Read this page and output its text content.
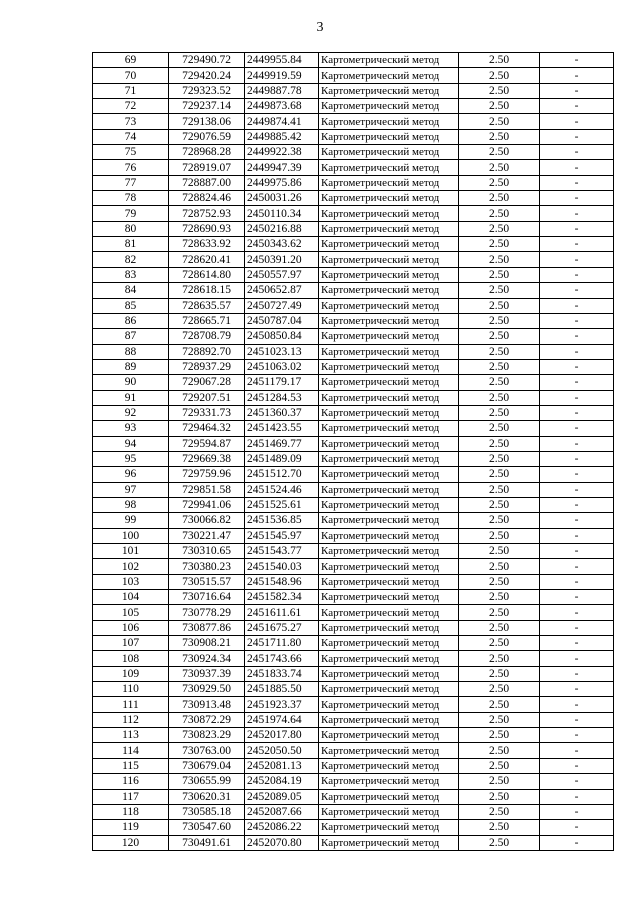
3
69	729490.72	2449955.84	Картометрический метод	2.50	-
70	729420.24	2449919.59	Картометрический метод	2.50	-
71	729323.52	2449887.78	Картометрический метод	2.50	-
72	729237.14	2449873.68	Картометрический метод	2.50	-
73	729138.06	2449874.41	Картометрический метод	2.50	-
74	729076.59	2449885.42	Картометрический метод	2.50	-
75	728968.28	2449922.38	Картометрический метод	2.50	-
76	728919.07	2449947.39	Картометрический метод	2.50	-
77	728887.00	2449975.86	Картометрический метод	2.50	-
78	728824.46	2450031.26	Картометрический метод	2.50	-
79	728752.93	2450110.34	Картометрический метод	2.50	-
80	728690.93	2450216.88	Картометрический метод	2.50	-
81	728633.92	2450343.62	Картометрический метод	2.50	-
82	728620.41	2450391.20	Картометрический метод	2.50	-
83	728614.80	2450557.97	Картометрический метод	2.50	-
84	728618.15	2450652.87	Картометрический метод	2.50	-
85	728635.57	2450727.49	Картометрический метод	2.50	-
86	728665.71	2450787.04	Картометрический метод	2.50	-
87	728708.79	2450850.84	Картометрический метод	2.50	-
88	728892.70	2451023.13	Картометрический метод	2.50	-
89	728937.29	2451063.02	Картометрический метод	2.50	-
90	729067.28	2451179.17	Картометрический метод	2.50	-
91	729207.51	2451284.53	Картометрический метод	2.50	-
92	729331.73	2451360.37	Картометрический метод	2.50	-
93	729464.32	2451423.55	Картометрический метод	2.50	-
94	729594.87	2451469.77	Картометрический метод	2.50	-
95	729669.38	2451489.09	Картометрический метод	2.50	-
96	729759.96	2451512.70	Картометрический метод	2.50	-
97	729851.58	2451524.46	Картометрический метод	2.50	-
98	729941.06	2451525.61	Картометрический метод	2.50	-
99	730066.82	2451536.85	Картометрический метод	2.50	-
100	730221.47	2451545.97	Картометрический метод	2.50	-
101	730310.65	2451543.77	Картометрический метод	2.50	-
102	730380.23	2451540.03	Картометрический метод	2.50	-
103	730515.57	2451548.96	Картометрический метод	2.50	-
104	730716.64	2451582.34	Картометрический метод	2.50	-
105	730778.29	2451611.61	Картометрический метод	2.50	-
106	730877.86	2451675.27	Картометрический метод	2.50	-
107	730908.21	2451711.80	Картометрический метод	2.50	-
108	730924.34	2451743.66	Картометрический метод	2.50	-
109	730937.39	2451833.74	Картометрический метод	2.50	-
110	730929.50	2451885.50	Картометрический метод	2.50	-
111	730913.48	2451923.37	Картометрический метод	2.50	-
112	730872.29	2451974.64	Картометрический метод	2.50	-
113	730823.29	2452017.80	Картометрический метод	2.50	-
114	730763.00	2452050.50	Картометрический метод	2.50	-
115	730679.04	2452081.13	Картометрический метод	2.50	-
116	730655.99	2452084.19	Картометрический метод	2.50	-
117	730620.31	2452089.05	Картометрический метод	2.50	-
118	730585.18	2452087.66	Картометрический метод	2.50	-
119	730547.60	2452086.22	Картометрический метод	2.50	-
120	730491.61	2452070.80	Картометрический метод	2.50	-
